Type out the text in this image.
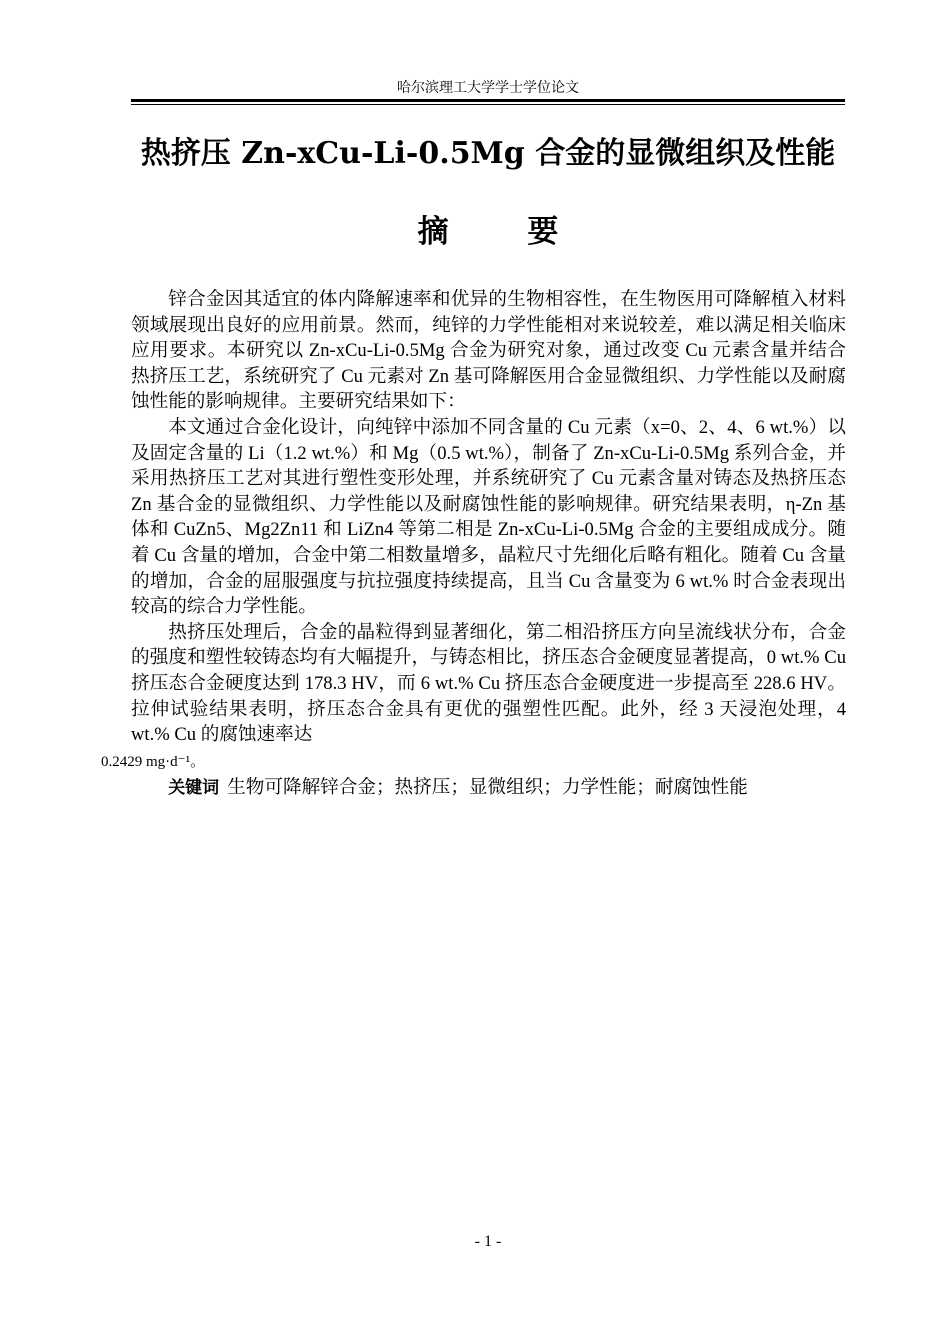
哈尔滨理工大学学士学位论文
热挤压 Zn-xCu-Li-0.5Mg 合金的显微组织及性能
摘 要

锌合金因其适宜的体内降解速率和优异的生物相容性，在生物医用可降解植入材料领域展现出良好的应用前景。然而，纯锌的力学性能相对来说较差，难以满足相关临床应用要求。本研究以 Zn-xCu-Li-0.5Mg 合金为研究对象，通过改变 Cu 元素含量并结合热挤压工艺，系统研究了 Cu 元素对 Zn 基可降解医用合金显微组织、力学性能以及耐腐蚀性能的影响规律。主要研究结果如下：

本文通过合金化设计，向纯锌中添加不同含量的 Cu 元素（x=0、2、4、6 wt.%）以及固定含量的 Li（1.2 wt.%）和 Mg（0.5 wt.%），制备了 Zn-xCu-Li-0.5Mg 系列合金，并采用热挤压工艺对其进行塑性变形处理，并系统研究了 Cu 元素含量对铸态及热挤压态 Zn 基合金的显微组织、力学性能以及耐腐蚀性能的影响规律。研究结果表明，η-Zn 基体和 CuZn5、Mg2Zn11 和 LiZn4 等第二相是 Zn-xCu-Li-0.5Mg 合金的主要组成成分。随着 Cu 含量的增加，合金中第二相数量增多，晶粒尺寸先细化后略有粗化。随着 Cu 含量的增加，合金的屈服强度与抗拉强度持续提高，且当 Cu 含量变为 6 wt.% 时合金表现出较高的综合力学性能。

热挤压处理后，合金的晶粒得到显著细化，第二相沿挤压方向呈流线状分布，合金的强度和塑性较铸态均有大幅提升，与铸态相比，挤压态合金硬度显著提高，0 wt.% Cu 挤压态合金硬度达到 178.3 HV，而 6 wt.% Cu 挤压态合金硬度进一步提高至 228.6 HV。拉伸试验结果表明，挤压态合金具有更优的强塑性匹配。此外，经 3 天浸泡处理，4 wt.% Cu 的腐蚀速率达
0.2429 mg·d⁻¹。

关键词 生物可降解锌合金；热挤压；显微组织；力学性能；耐腐蚀性能

- 1 -
